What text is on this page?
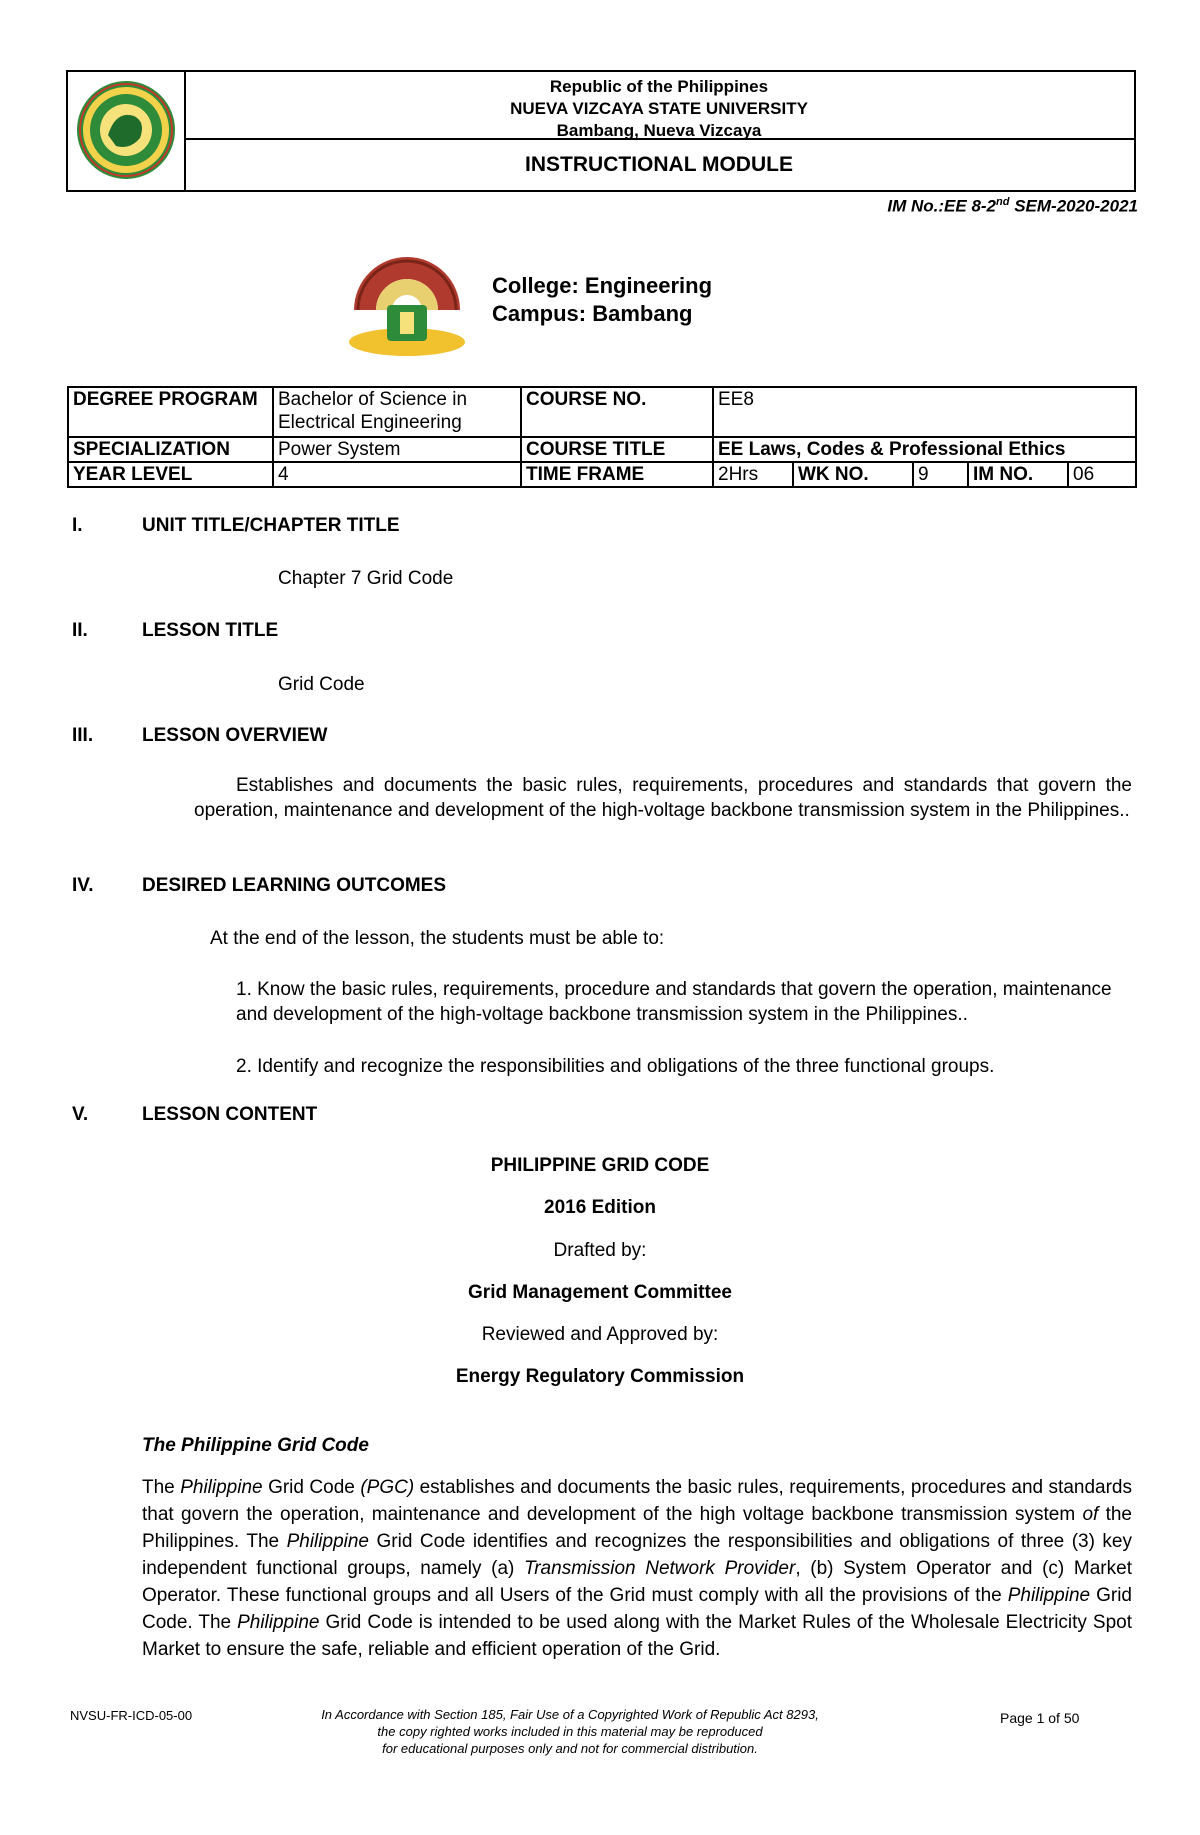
Republic of the Philippines
NUEVA VIZCAYA STATE UNIVERSITY
Bambang, Nueva Vizcaya
INSTRUCTIONAL MODULE
IM No.:EE 8-2nd SEM-2020-2021
College: Engineering
Campus: Bambang
DEGREE PROGRAM	Bachelor of Science in Electrical Engineering	COURSE NO.	EE8				
SPECIALIZATION	Power System	COURSE TITLE	EE Laws, Codes & Professional Ethics				
YEAR LEVEL	4	TIME FRAME	2Hrs	WK NO.	9	IM NO.	06
I.	UNIT TITLE/CHAPTER TITLE
Chapter 7 Grid Code
II.	LESSON TITLE
Grid Code
III.	LESSON OVERVIEW
Establishes and documents the basic rules, requirements, procedures and standards that govern the operation, maintenance and development of the high-voltage backbone transmission system in the Philippines..
IV.	DESIRED LEARNING OUTCOMES
At the end of the lesson, the students must be able to:
1. Know the basic rules, requirements, procedure and standards that govern the operation, maintenance and development of the high-voltage backbone transmission system in the Philippines..
2. Identify and recognize the responsibilities and obligations of the three functional groups.
V.	LESSON CONTENT
PHILIPPINE GRID CODE
2016 Edition
Drafted by:
Grid Management Committee
Reviewed and Approved by:
Energy Regulatory Commission
The Philippine Grid Code
The Philippine Grid Code (PGC) establishes and documents the basic rules, requirements, procedures and standards that govern the operation, maintenance and development of the high voltage backbone transmission system of the Philippines. The Philippine Grid Code identifies and recognizes the responsibilities and obligations of three (3) key independent functional groups, namely (a) Transmission Network Provider, (b) System Operator and (c) Market Operator. These functional groups and all Users of the Grid must comply with all the provisions of the Philippine Grid Code. The Philippine Grid Code is intended to be used along with the Market Rules of the Wholesale Electricity Spot Market to ensure the safe, reliable and efficient operation of the Grid.
NVSU-FR-ICD-05-00	In Accordance with Section 185, Fair Use of a Copyrighted Work of Republic Act 8293,
the copy righted works included in this material may be reproduced
for educational purposes only and not for commercial distribution.
Page 1 of 50
